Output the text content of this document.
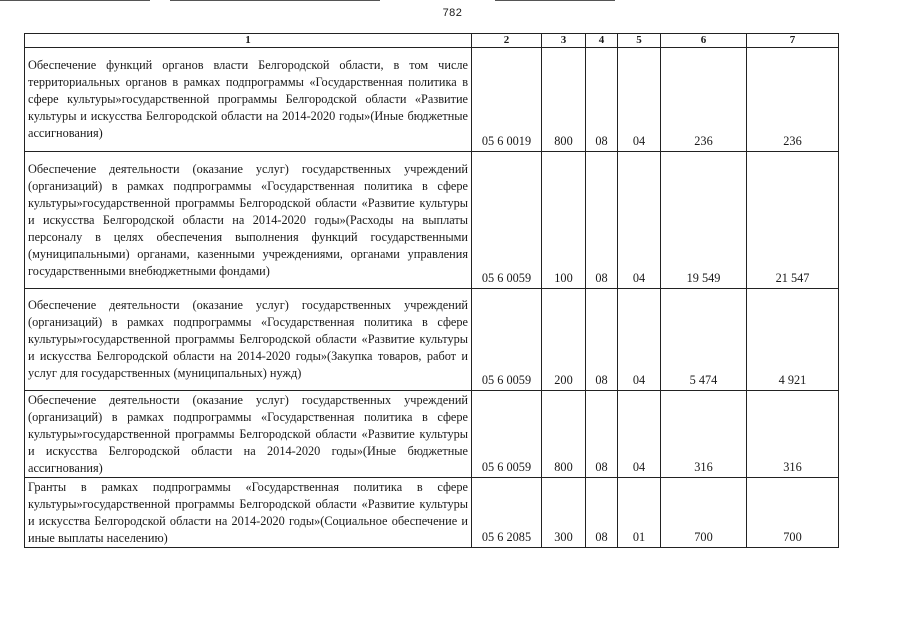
782
1	2	3	4	5	6	7

Обеспечение функций органов власти Белгородской области, в том числе территориальных органов в рамках подпрограммы «Государственная политика в сфере культуры»государственной программы Белгородской области «Развитие культуры и искусства Белгородской области на 2014-2020 годы»(Иные бюджетные ассигнования)	05 6 0019	800	08	04	236	236

Обеспечение деятельности (оказание услуг) государственных учреждений (организаций) в рамках подпрограммы «Государственная политика в сфере культуры»государственной программы Белгородской области «Развитие культуры и искусства Белгородской области на 2014-2020 годы»(Расходы на выплаты персоналу в целях обеспечения выполнения функций государственными (муниципальными) органами, казенными учреждениями, органами управления государственными внебюджетными фондами)	05 6 0059	100	08	04	19 549	21 547

Обеспечение деятельности (оказание услуг) государственных учреждений (организаций) в рамках подпрограммы «Государственная политика в сфере культуры»государственной программы Белгородской области «Развитие культуры и искусства Белгородской области на 2014-2020 годы»(Закупка товаров, работ и услуг для государственных (муниципальных) нужд)	05 6 0059	200	08	04	5 474	4 921

Обеспечение деятельности (оказание услуг) государственных учреждений (организаций) в рамках подпрограммы «Государственная политика в сфере культуры»государственной программы Белгородской области «Развитие культуры и искусства Белгородской области на 2014-2020 годы»(Иные бюджетные ассигнования)	05 6 0059	800	08	04	316	316

Гранты в рамках подпрограммы «Государственная политика в сфере культуры»государственной программы Белгородской области «Развитие культуры и искусства Белгородской области на 2014-2020 годы»(Социальное обеспечение и иные выплаты населению)	05 6 2085	300	08	01	700	700
